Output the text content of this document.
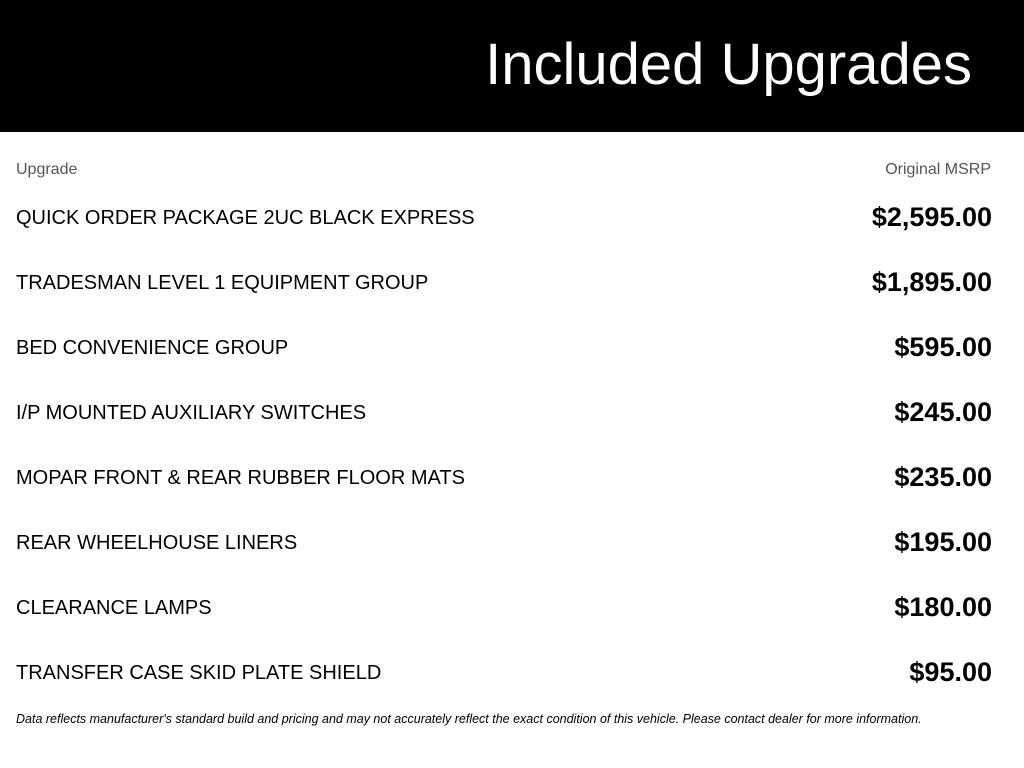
Included Upgrades
Upgrade	Original MSRP
QUICK ORDER PACKAGE 2UC BLACK EXPRESS	$2,595.00
TRADESMAN LEVEL 1 EQUIPMENT GROUP	$1,895.00
BED CONVENIENCE GROUP	$595.00
I/P MOUNTED AUXILIARY SWITCHES	$245.00
MOPAR FRONT & REAR RUBBER FLOOR MATS	$235.00
REAR WHEELHOUSE LINERS	$195.00
CLEARANCE LAMPS	$180.00
TRANSFER CASE SKID PLATE SHIELD	$95.00
Data reflects manufacturer's standard build and pricing and may not accurately reflect the exact condition of this vehicle. Please contact dealer for more information.
